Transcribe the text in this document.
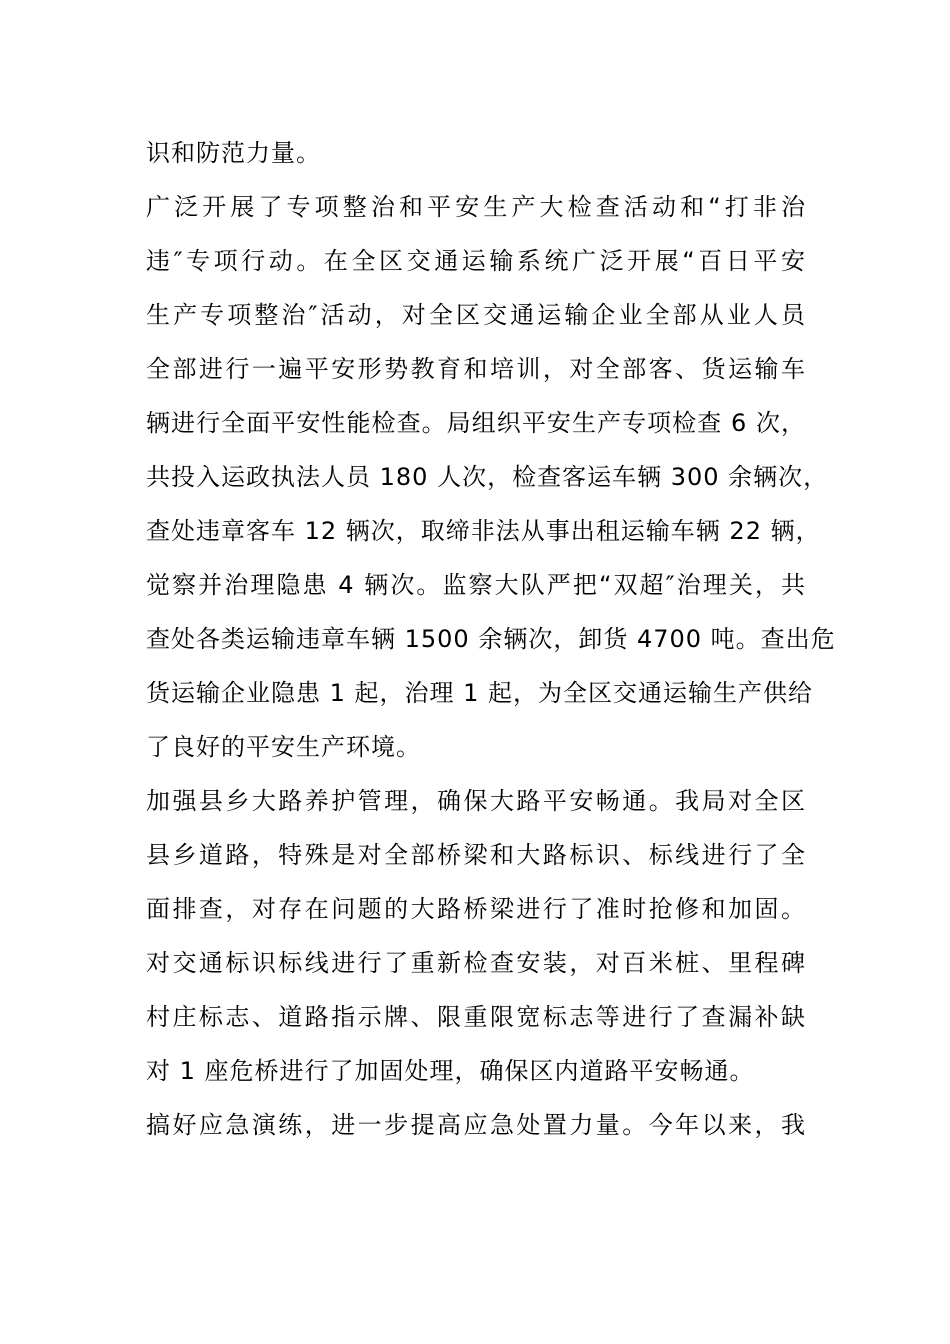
识和防范力量。
广泛开展了专项整治和平安生产大检查活动和“打非治
违″专项行动。在全区交通运输系统广泛开展“百日平安
生产专项整治″活动，对全区交通运输企业全部从业人员
全部进行一遍平安形势教育和培训，对全部客、货运输车
辆进行全面平安性能检查。局组织平安生产专项检查 6 次，
共投入运政执法人员 180 人次，检查客运车辆 300 余辆次，
查处违章客车 12 辆次，取缔非法从事出租运输车辆 22 辆，
觉察并治理隐患 4 辆次。监察大队严把“双超″治理关，共
查处各类运输违章车辆 1500 余辆次，卸货 4700 吨。查出危
货运输企业隐患 1 起，治理 1 起，为全区交通运输生产供给
了良好的平安生产环境。
加强县乡大路养护管理，确保大路平安畅通。我局对全区
县乡道路，特殊是对全部桥梁和大路标识、标线进行了全
面排查，对存在问题的大路桥梁进行了准时抢修和加固。
对交通标识标线进行了重新检查安装，对百米桩、里程碑
村庄标志、道路指示牌、限重限宽标志等进行了查漏补缺
对 1 座危桥进行了加固处理，确保区内道路平安畅通。
搞好应急演练，进一步提高应急处置力量。今年以来，我
